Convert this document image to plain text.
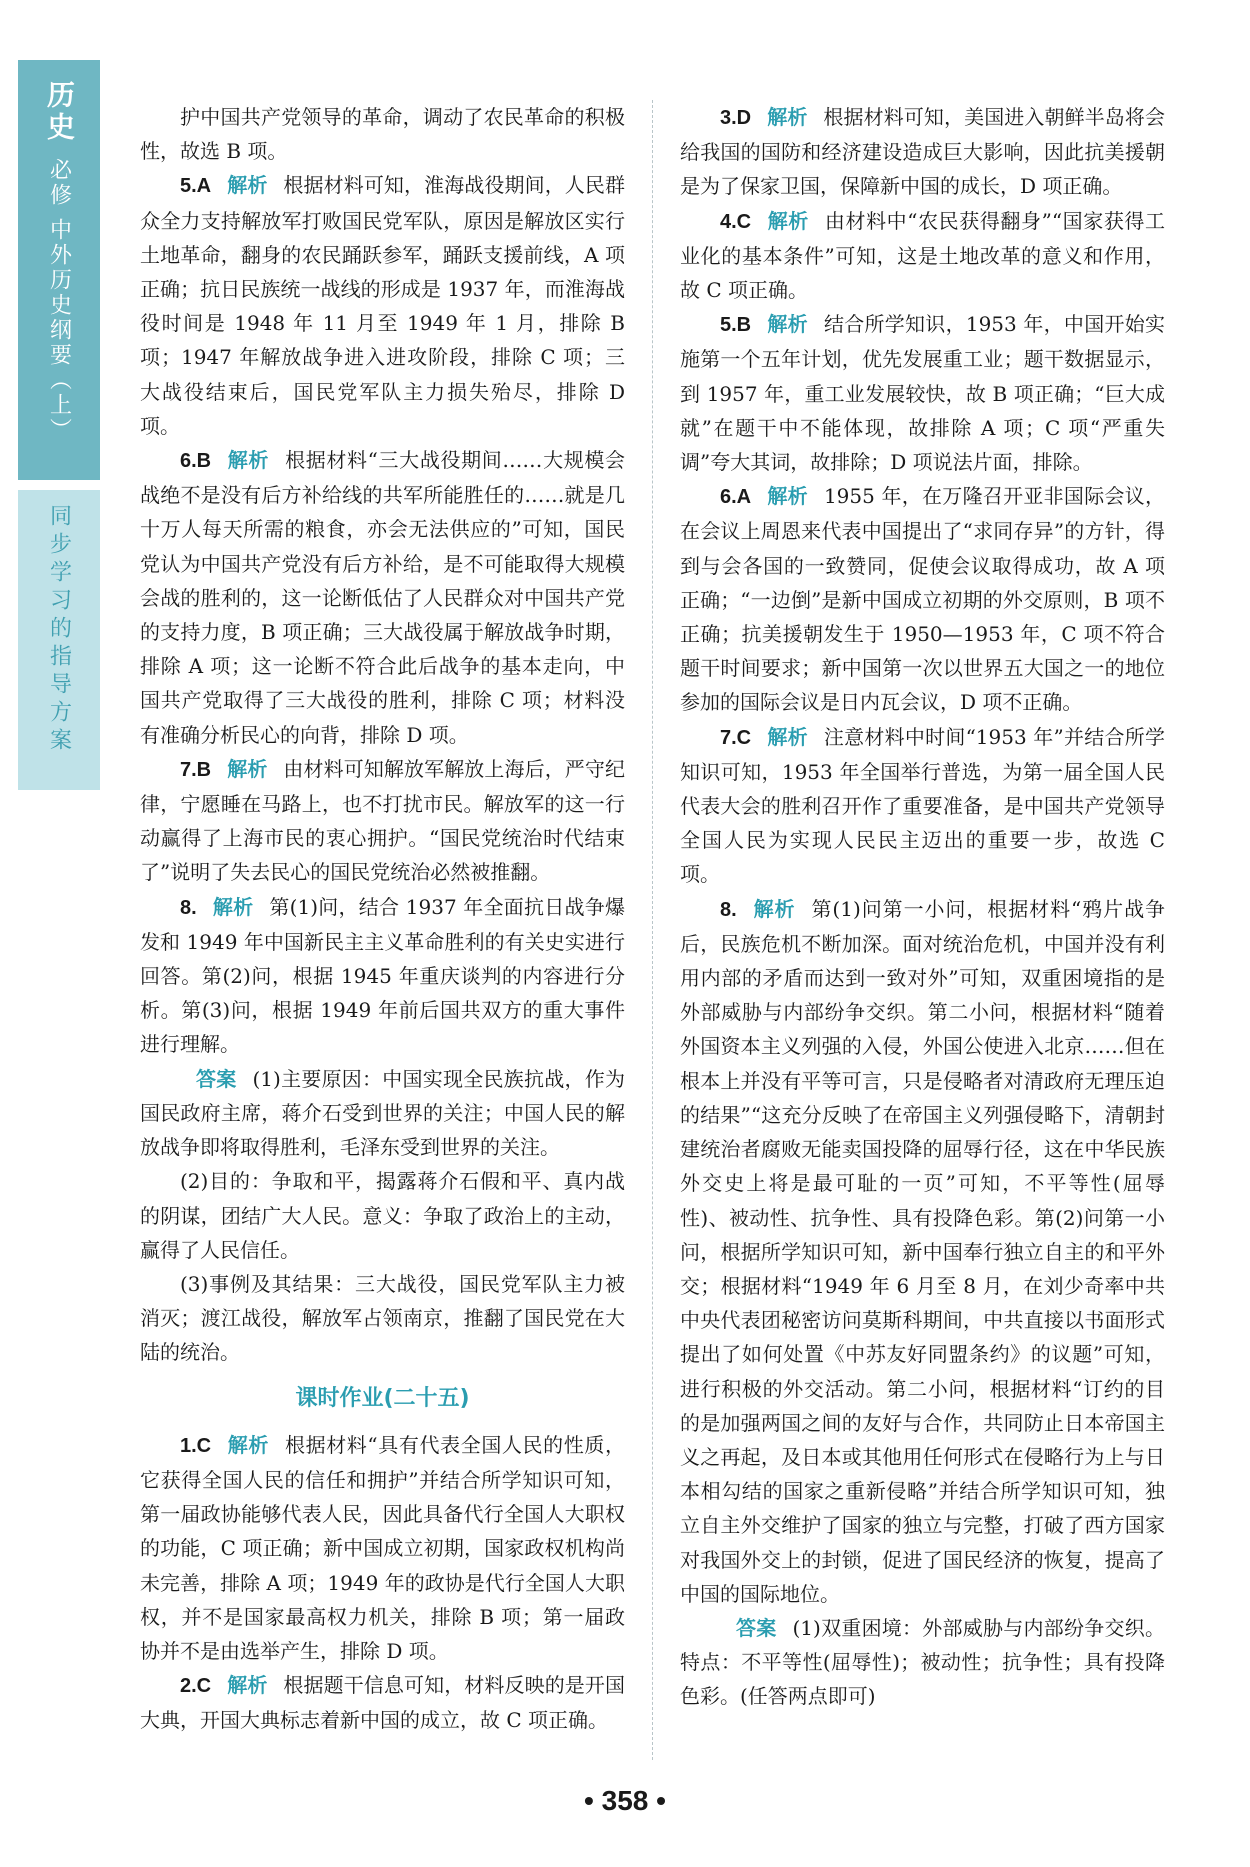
历史
必修 中外历史纲要（上）
同步学习的指导方案

护中国共产党领导的革命，调动了农民革命的积极性，故选 B 项。

5.A 解析 根据材料可知，淮海战役期间，人民群众全力支持解放军打败国民党军队，原因是解放区实行土地革命，翻身的农民踊跃参军，踊跃支援前线，A 项正确；抗日民族统一战线的形成是 1937 年，而淮海战役时间是 1948 年 11 月至 1949 年 1 月，排除 B 项；1947 年解放战争进入进攻阶段，排除 C 项；三大战役结束后，国民党军队主力损失殆尽，排除 D 项。

6.B 解析 根据材料“三大战役期间……大规模会战绝不是没有后方补给线的共军所能胜任的……就是几十万人每天所需的粮食，亦会无法供应的”可知，国民党认为中国共产党没有后方补给，是不可能取得大规模会战的胜利的，这一论断低估了人民群众对中国共产党的支持力度，B 项正确；三大战役属于解放战争时期，排除 A 项；这一论断不符合此后战争的基本走向，中国共产党取得了三大战役的胜利，排除 C 项；材料没有准确分析民心的向背，排除 D 项。

7.B 解析 由材料可知解放军解放上海后，严守纪律，宁愿睡在马路上，也不打扰市民。解放军的这一行动赢得了上海市民的衷心拥护。“国民党统治时代结束了”说明了失去民心的国民党统治必然被推翻。

8. 解析 第(1)问，结合 1937 年全面抗日战争爆发和 1949 年中国新民主主义革命胜利的有关史实进行回答。第(2)问，根据 1945 年重庆谈判的内容进行分析。第(3)问，根据 1949 年前后国共双方的重大事件进行理解。

答案 (1)主要原因：中国实现全民族抗战，作为国民政府主席，蒋介石受到世界的关注；中国人民的解放战争即将取得胜利，毛泽东受到世界的关注。

(2)目的：争取和平，揭露蒋介石假和平、真内战的阴谋，团结广大人民。意义：争取了政治上的主动，赢得了人民信任。

(3)事例及其结果：三大战役，国民党军队主力被消灭；渡江战役，解放军占领南京，推翻了国民党在大陆的统治。

课时作业(二十五)

1.C 解析 根据材料“具有代表全国人民的性质，它获得全国人民的信任和拥护”并结合所学知识可知，第一届政协能够代表人民，因此具备代行全国人大职权的功能，C 项正确；新中国成立初期，国家政权机构尚未完善，排除 A 项；1949 年的政协是代行全国人大职权，并不是国家最高权力机关，排除 B 项；第一届政协并不是由选举产生，排除 D 项。

2.C 解析 根据题干信息可知，材料反映的是开国大典，开国大典标志着新中国的成立，故 C 项正确。

3.D 解析 根据材料可知，美国进入朝鲜半岛将会给我国的国防和经济建设造成巨大影响，因此抗美援朝是为了保家卫国，保障新中国的成长，D 项正确。

4.C 解析 由材料中“农民获得翻身”“国家获得工业化的基本条件”可知，这是土地改革的意义和作用，故 C 项正确。

5.B 解析 结合所学知识，1953 年，中国开始实施第一个五年计划，优先发展重工业；题干数据显示，到 1957 年，重工业发展较快，故 B 项正确；“巨大成就”在题干中不能体现，故排除 A 项；C 项“严重失调”夸大其词，故排除；D 项说法片面，排除。

6.A 解析 1955 年，在万隆召开亚非国际会议，在会议上周恩来代表中国提出了“求同存异”的方针，得到与会各国的一致赞同，促使会议取得成功，故 A 项正确；“一边倒”是新中国成立初期的外交原则，B 项不正确；抗美援朝发生于 1950—1953 年，C 项不符合题干时间要求；新中国第一次以世界五大国之一的地位参加的国际会议是日内瓦会议，D 项不正确。

7.C 解析 注意材料中时间“1953 年”并结合所学知识可知，1953 年全国举行普选，为第一届全国人民代表大会的胜利召开作了重要准备，是中国共产党领导全国人民为实现人民民主迈出的重要一步，故选 C 项。

8. 解析 第(1)问第一小问，根据材料“鸦片战争后，民族危机不断加深。面对统治危机，中国并没有利用内部的矛盾而达到一致对外”可知，双重困境指的是外部威胁与内部纷争交织。第二小问，根据材料“随着外国资本主义列强的入侵，外国公使进入北京……但在根本上并没有平等可言，只是侵略者对清政府无理压迫的结果”“这充分反映了在帝国主义列强侵略下，清朝封建统治者腐败无能卖国投降的屈辱行径，这在中华民族外交史上将是最可耻的一页”可知，不平等性(屈辱性)、被动性、抗争性、具有投降色彩。第(2)问第一小问，根据所学知识可知，新中国奉行独立自主的和平外交；根据材料“1949 年 6 月至 8 月，在刘少奇率中共中央代表团秘密访问莫斯科期间，中共直接以书面形式提出了如何处置《中苏友好同盟条约》的议题”可知，进行积极的外交活动。第二小问，根据材料“订约的目的是加强两国之间的友好与合作，共同防止日本帝国主义之再起，及日本或其他用任何形式在侵略行为上与日本相勾结的国家之重新侵略”并结合所学知识可知，独立自主外交维护了国家的独立与完整，打破了西方国家对我国外交上的封锁，促进了国民经济的恢复，提高了中国的国际地位。

答案 (1)双重困境：外部威胁与内部纷争交织。特点：不平等性(屈辱性)；被动性；抗争性；具有投降色彩。(任答两点即可)

• 358 •
